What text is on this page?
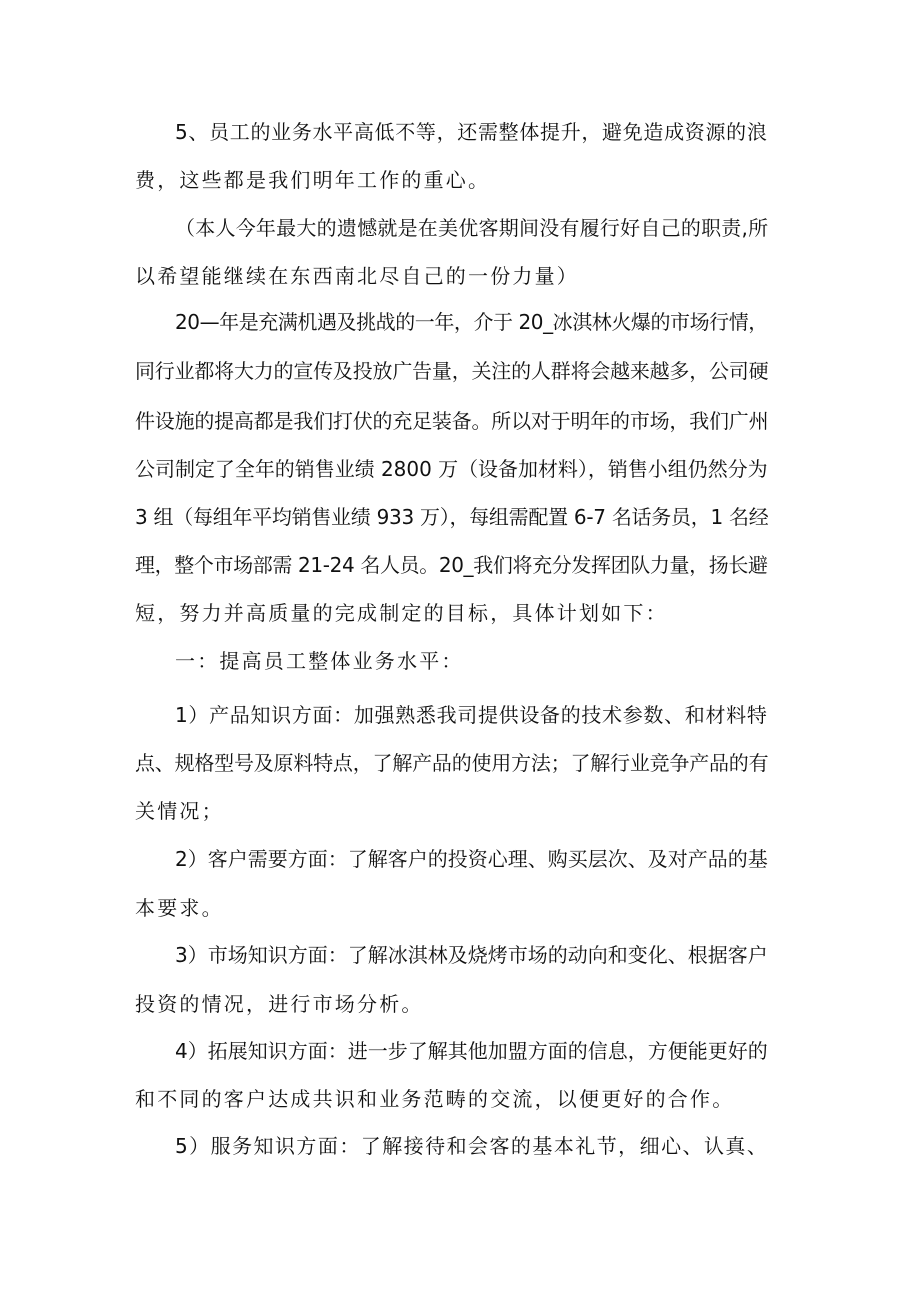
5、员工的业务水平高低不等，还需整体提升，避免造成资源的浪
费，这些都是我们明年工作的重心。
（本人今年最大的遗憾就是在美优客期间没有履行好自己的职责,所
以希望能继续在东西南北尽自己的一份力量）
20—年是充满机遇及挑战的一年，介于 20_冰淇林火爆的市场行情，
同行业都将大力的宣传及投放广告量，关注的人群将会越来越多，公司硬
件设施的提高都是我们打伏的充足装备。所以对于明年的市场，我们广州
公司制定了全年的销售业绩 2800 万（设备加材料），销售小组仍然分为
3 组（每组年平均销售业绩 933 万），每组需配置 6-7 名话务员，1 名经
理，整个市场部需 21-24 名人员。20_我们将充分发挥团队力量，扬长避
短，努力并高质量的完成制定的目标，具体计划如下：
一：提高员工整体业务水平：
1）产品知识方面：加强熟悉我司提供设备的技术参数、和材料特
点、规格型号及原料特点，了解产品的使用方法；了解行业竞争产品的有
关情况；
2）客户需要方面：了解客户的投资心理、购买层次、及对产品的基
本要求。
3）市场知识方面：了解冰淇林及烧烤市场的动向和变化、根据客户
投资的情况，进行市场分析。
4）拓展知识方面：进一步了解其他加盟方面的信息，方便能更好的
和不同的客户达成共识和业务范畴的交流，以便更好的合作。
5）服务知识方面：了解接待和会客的基本礼节，细心、认真、
